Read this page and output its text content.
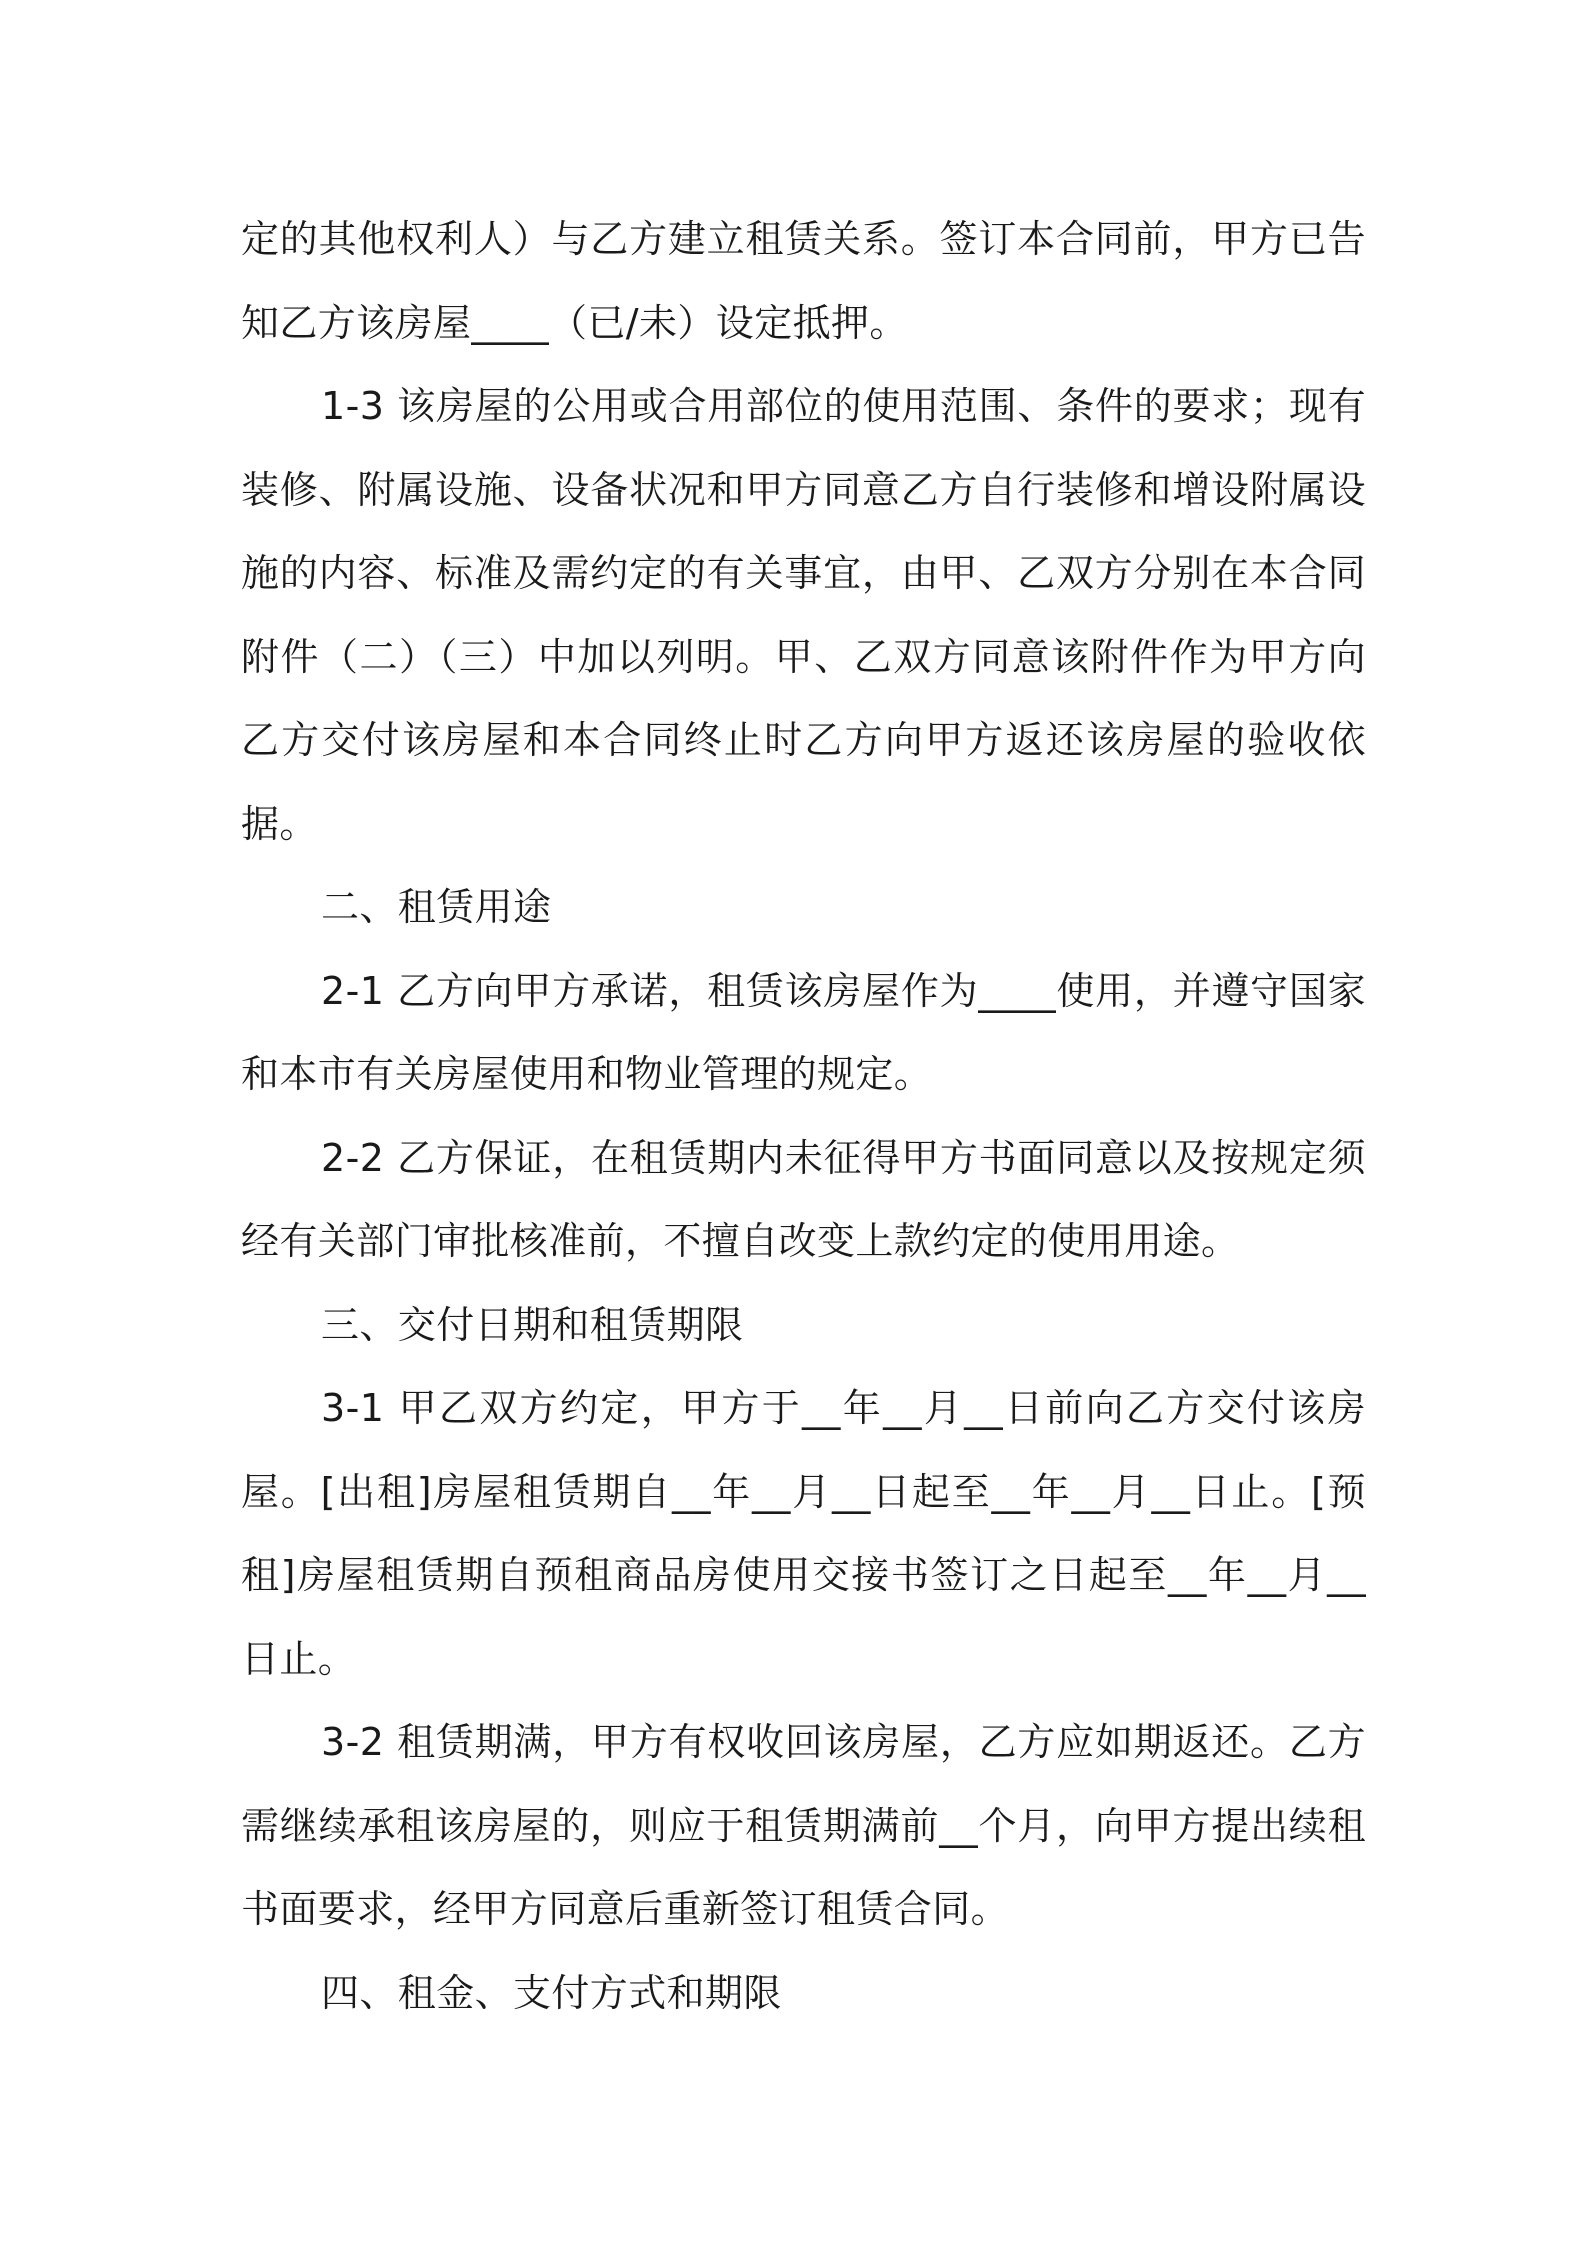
定的其他权利人）与乙方建立租赁关系。签订本合同前，甲方已告知乙方该房屋____（已/未）设定抵押。

1-3 该房屋的公用或合用部位的使用范围、条件的要求；现有装修、附属设施、设备状况和甲方同意乙方自行装修和增设附属设施的内容、标准及需约定的有关事宜，由甲、乙双方分别在本合同附件（二）（三）中加以列明。甲、乙双方同意该附件作为甲方向乙方交付该房屋和本合同终止时乙方向甲方返还该房屋的验收依据。

二、租赁用途

2-1 乙方向甲方承诺，租赁该房屋作为____使用，并遵守国家和本市有关房屋使用和物业管理的规定。

2-2 乙方保证，在租赁期内未征得甲方书面同意以及按规定须经有关部门审批核准前，不擅自改变上款约定的使用用途。

三、交付日期和租赁期限

3-1 甲乙双方约定，甲方于__年__月__日前向乙方交付该房屋。[出租]房屋租赁期自__年__月__日起至__年__月__日止。[预租]房屋租赁期自预租商品房使用交接书签订之日起至__年__月__日止。

3-2 租赁期满，甲方有权收回该房屋，乙方应如期返还。乙方需继续承租该房屋的，则应于租赁期满前__个月，向甲方提出续租书面要求，经甲方同意后重新签订租赁合同。

四、租金、支付方式和期限
